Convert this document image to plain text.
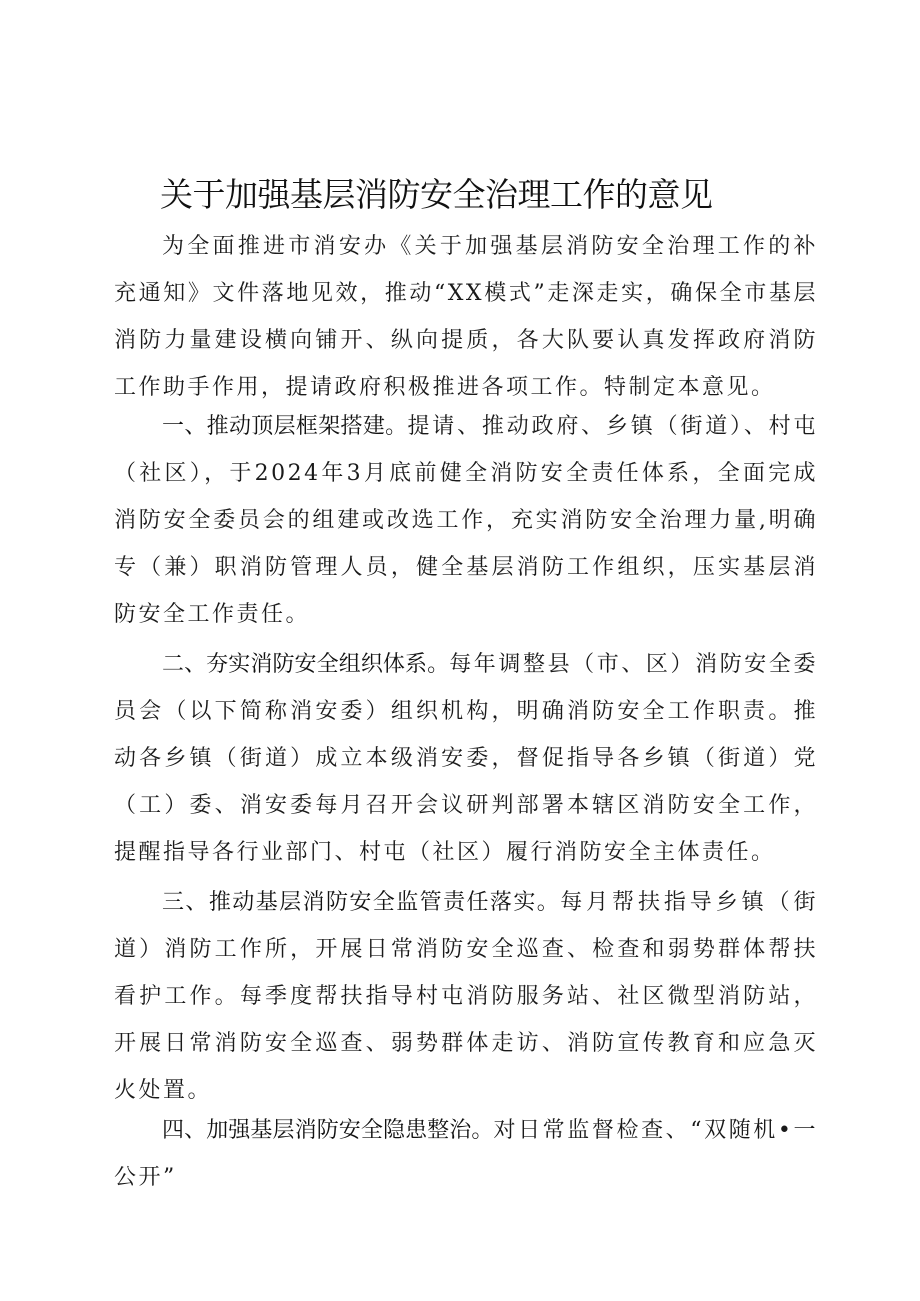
关于加强基层消防安全治理工作的意见

为全面推进市消安办《关于加强基层消防安全治理工作的补充通知》文件落地见效，推动“XX模式”走深走实，确保全市基层消防力量建设横向铺开、纵向提质，各大队要认真发挥政府消防工作助手作用，提请政府积极推进各项工作。特制定本意见。

一、推动顶层框架搭建。提请、推动政府、乡镇（街道）、村屯（社区），于2024年3月底前健全消防安全责任体系，全面完成消防安全委员会的组建或改选工作，充实消防安全治理力量,明确专（兼）职消防管理人员，健全基层消防工作组织，压实基层消防安全工作责任。

二、夯实消防安全组织体系。每年调整县（市、区）消防安全委员会（以下简称消安委）组织机构，明确消防安全工作职责。推动各乡镇（街道）成立本级消安委，督促指导各乡镇（街道）党（工）委、消安委每月召开会议研判部署本辖区消防安全工作，提醒指导各行业部门、村屯（社区）履行消防安全主体责任。

三、推动基层消防安全监管责任落实。每月帮扶指导乡镇（街道）消防工作所，开展日常消防安全巡查、检查和弱势群体帮扶看护工作。每季度帮扶指导村屯消防服务站、社区微型消防站，开展日常消防安全巡查、弱势群体走访、消防宣传教育和应急灭火处置。

四、加强基层消防安全隐患整治。对日常监督检查、“双随机•一公开”
